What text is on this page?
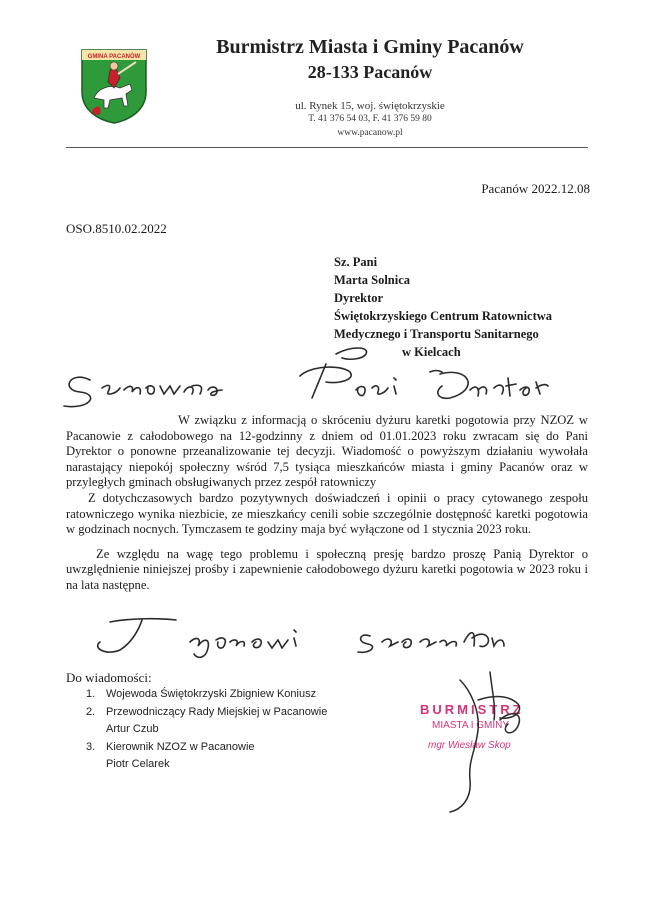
GMINA PACANÓW	Burmistrz Miasta i Gminy Pacanów
28-133 Pacanów
ul. Rynek 15, woj. świętokrzyskie
T. 41 376 54 03, F. 41 376 59 80
www.pacanow.pl
Pacanów 2022.12.08
OSO.8510.02.2022
Sz. Pani
Marta Solnica
Dyrektor
Świętokrzyskiego Centrum Ratownictwa
Medycznego i Transportu Sanitarnego
w Kielcach

W związku z informacją o skróceniu dyżuru karetki pogotowia przy NZOZ w Pacanowie z całodobowego na 12-godzinny z dniem od 01.01.2023 roku zwracam się do Pani Dyrektor o ponowne przeanalizowanie tej decyzji. Wiadomość o powyższym działaniu wywołała narastający niepokój społeczny wśród 7,5 tysiąca mieszkańców miasta i gminy Pacanów oraz w przyległych gminach obsługiwanych przez zespół ratowniczy

Z dotychczasowych bardzo pozytywnych doświadczeń i opinii o pracy cytowanego zespołu ratowniczego wynika niezbicie, ze mieszkańcy cenili sobie szczególnie dostępność karetki pogotowia w godzinach nocnych. Tymczasem te godziny maja być wyłączone od 1 stycznia 2023 roku.

Ze względu na wagę tego problemu i społeczną presję bardzo proszę Panią Dyrektor o uwzględnienie niniejszej prośby i zapewnienie całodobowego dyżuru karetki pogotowia w 2023 roku i na lata następne.

Do wiadomości:
1. Wojewoda Świętokrzyski Zbigniew Koniusz
2. Przewodniczący Rady Miejskiej w Pacanowie
Artur Czub
3. Kierownik NZOZ w Pacanowie
Piotr Celarek
BURMISTRZ
MIASTA I GMINY
mgr Wiesław Skop
